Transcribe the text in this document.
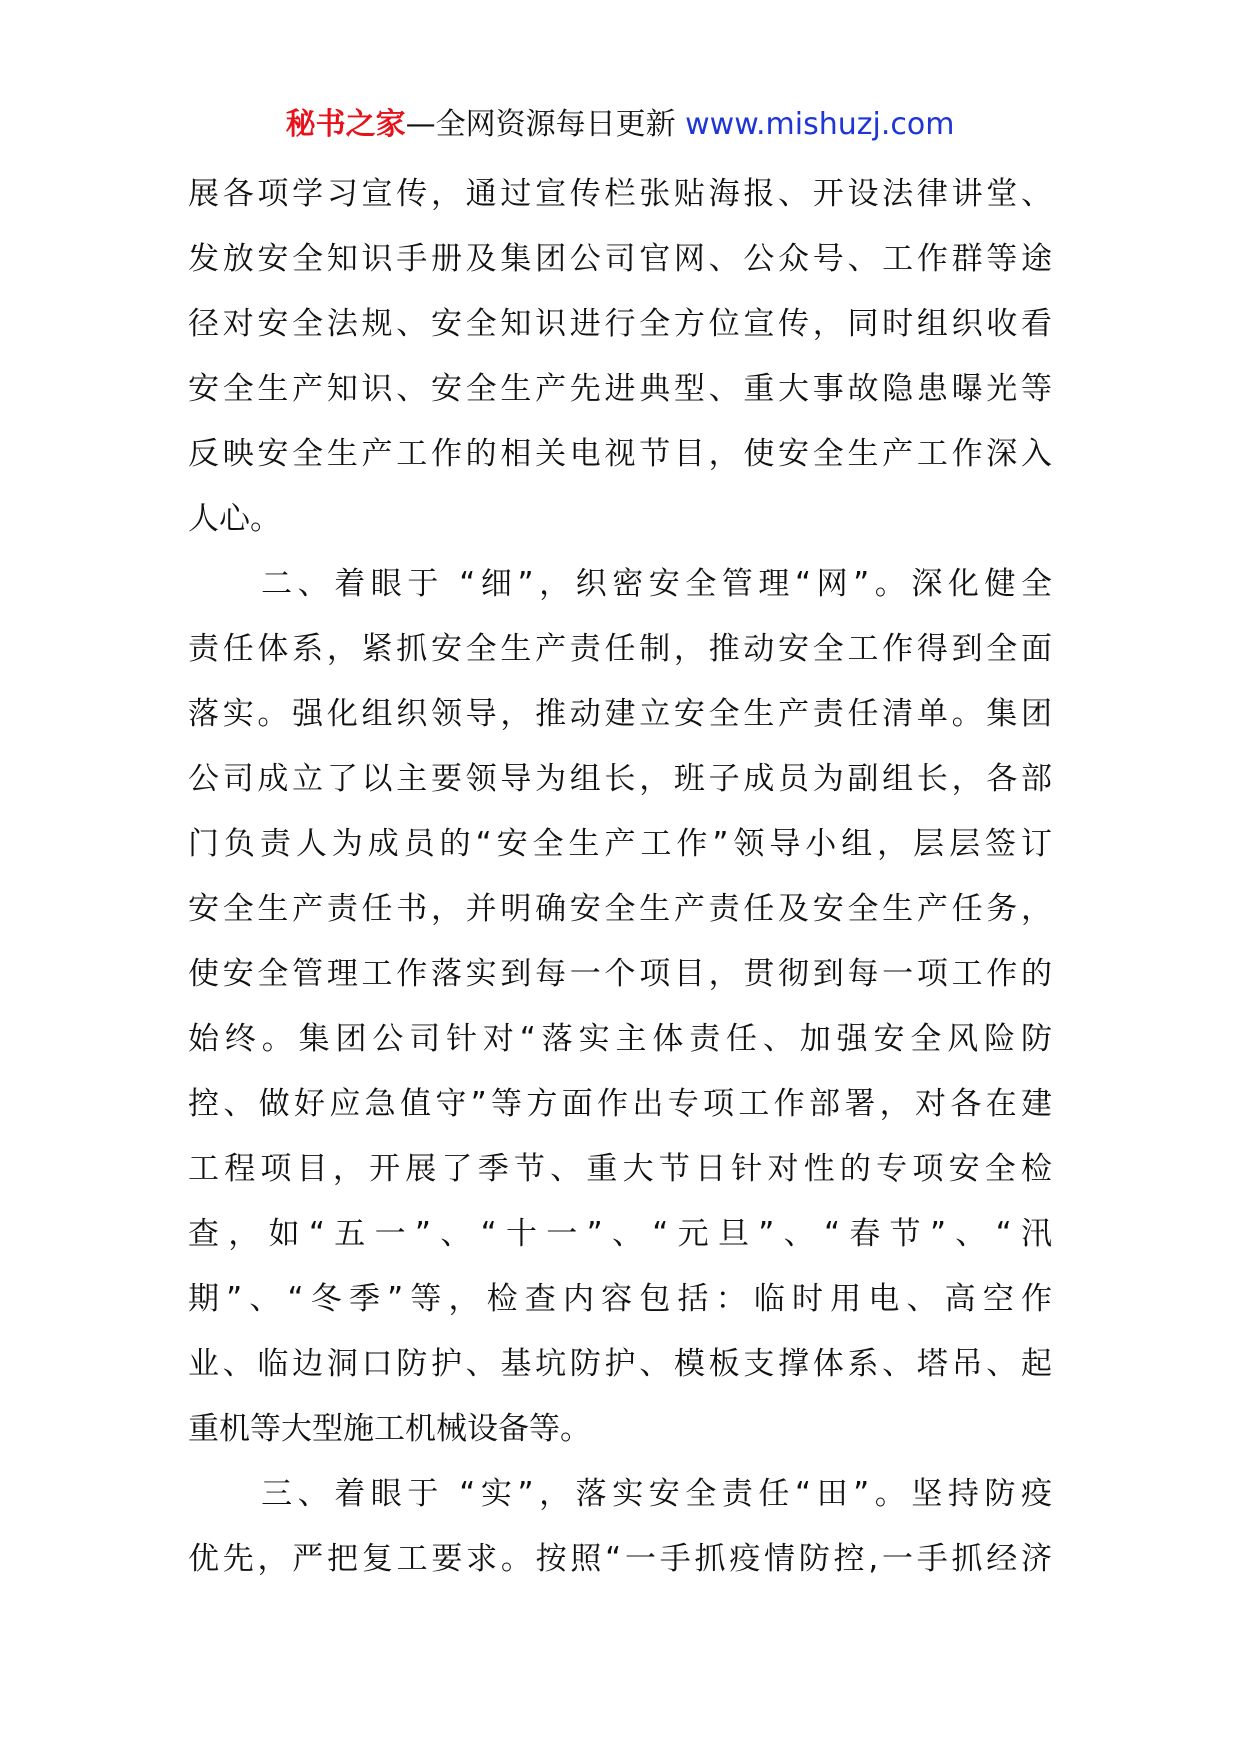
秘书之家—全网资源每日更新 www.mishuzj.com
展各项学习宣传，通过宣传栏张贴海报、开设法律讲堂、
发放安全知识手册及集团公司官网、公众号、工作群等途
径对安全法规、安全知识进行全方位宣传，同时组织收看
安全生产知识、安全生产先进典型、重大事故隐患曝光等
反映安全生产工作的相关电视节目，使安全生产工作深入
人心。
　　二、着眼于 “细”，织密安全管理“网”。深化健全
责任体系，紧抓安全生产责任制，推动安全工作得到全面
落实。强化组织领导，推动建立安全生产责任清单。集团
公司成立了以主要领导为组长，班子成员为副组长，各部
门负责人为成员的“安全生产工作”领导小组，层层签订
安全生产责任书，并明确安全生产责任及安全生产任务，
使安全管理工作落实到每一个项目，贯彻到每一项工作的
始终。集团公司针对“落实主体责任、加强安全风险防
控、做好应急值守”等方面作出专项工作部署，对各在建
工程项目，开展了季节、重大节日针对性的专项安全检
查，如“五一”、“十一”、“元旦”、“春节”、“汛
期”、“冬季”等，检查内容包括：临时用电、高空作
业、临边洞口防护、基坑防护、模板支撑体系、塔吊、起
重机等大型施工机械设备等。
　　三、着眼于 “实”，落实安全责任“田”。坚持防疫
优先，严把复工要求。按照“一手抓疫情防控,一手抓经济
